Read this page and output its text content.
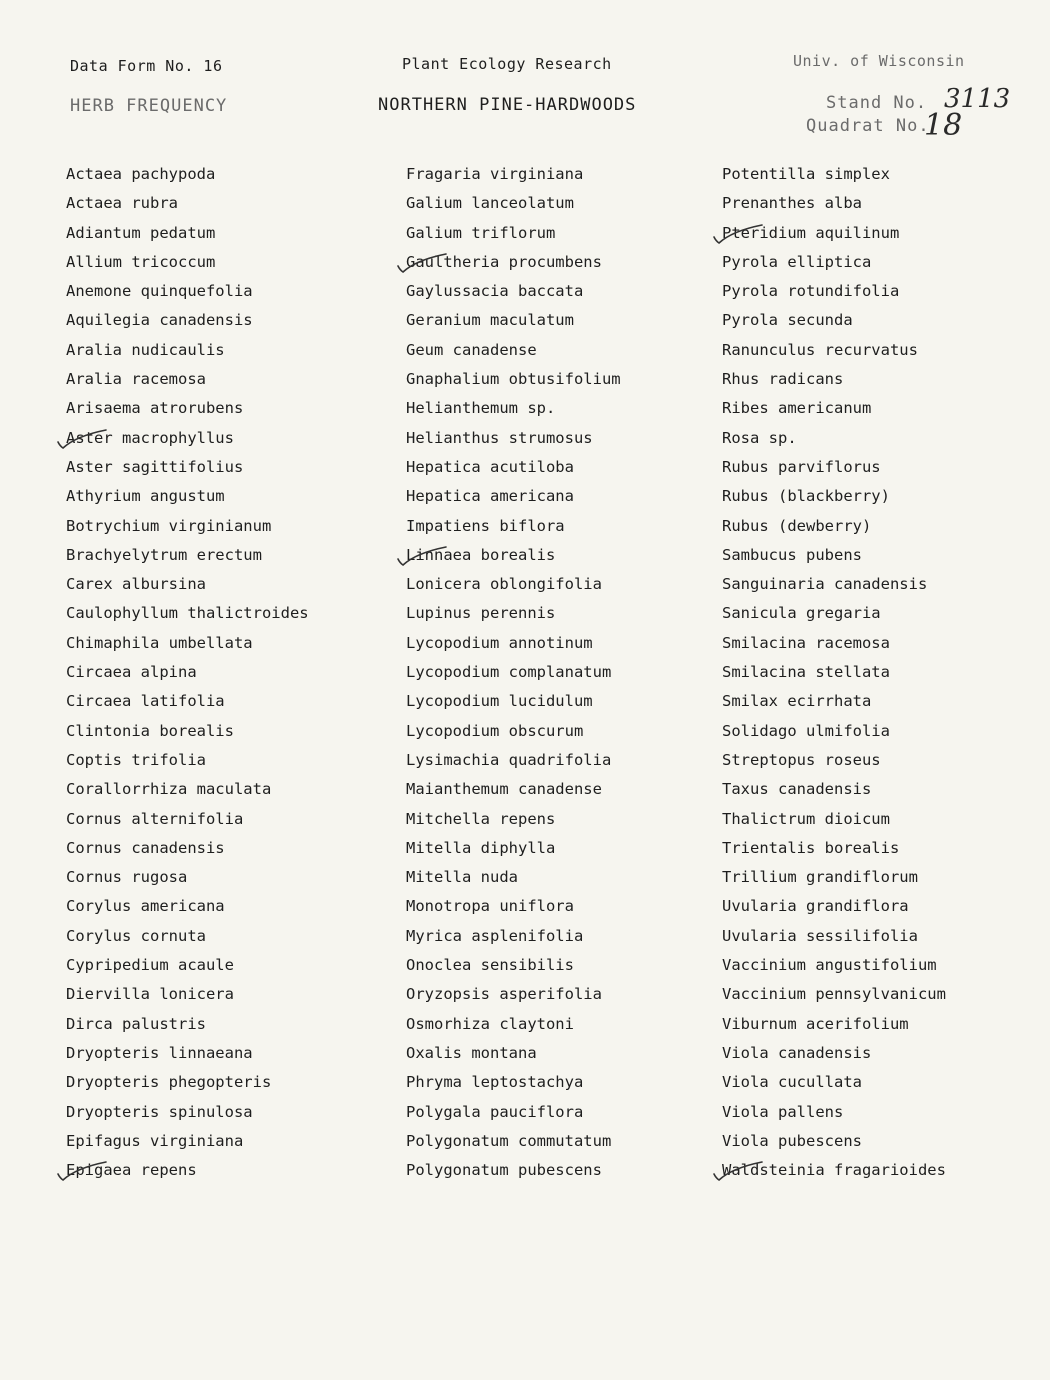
Data Form No. 16	Plant Ecology Research	Univ. of Wisconsin
HERB FREQUENCY	NORTHERN PINE-HARDWOODS	Stand No. 3113
Quadrat No.
18
Actaea pachypoda
Actaea rubra
Adiantum pedatum
Allium tricoccum
Anemone quinquefolia
Aquilegia canadensis
Aralia nudicaulis
Aralia racemosa
Arisaema atrorubens
Aster macrophyllus
Aster sagittifolius
Athyrium angustum
Botrychium virginianum
Brachyelytrum erectum
Carex albursina
Caulophyllum thalictroides
Chimaphila umbellata
Circaea alpina
Circaea latifolia
Clintonia borealis
Coptis trifolia
Corallorrhiza maculata
Cornus alternifolia
Cornus canadensis
Cornus rugosa
Corylus americana
Corylus cornuta
Cypripedium acaule
Diervilla lonicera
Dirca palustris
Dryopteris linnaeana
Dryopteris phegopteris
Dryopteris spinulosa
Epifagus virginiana
Epigaea repens
Fragaria virginiana
Galium lanceolatum
Galium triflorum
Gaultheria procumbens
Gaylussacia baccata
Geranium maculatum
Geum canadense
Gnaphalium obtusifolium
Helianthemum sp.
Helianthus strumosus
Hepatica acutiloba
Hepatica americana
Impatiens biflora
Linnaea borealis
Lonicera oblongifolia
Lupinus perennis
Lycopodium annotinum
Lycopodium complanatum
Lycopodium lucidulum
Lycopodium obscurum
Lysimachia quadrifolia
Maianthemum canadense
Mitchella repens
Mitella diphylla
Mitella nuda
Monotropa uniflora
Myrica asplenifolia
Onoclea sensibilis
Oryzopsis asperifolia
Osmorhiza claytoni
Oxalis montana
Phryma leptostachya
Polygala pauciflora
Polygonatum commutatum
Polygonatum pubescens
Potentilla simplex
Prenanthes alba
Pteridium aquilinum
Pyrola elliptica
Pyrola rotundifolia
Pyrola secunda
Ranunculus recurvatus
Rhus radicans
Ribes americanum
Rosa sp.
Rubus parviflorus
Rubus (blackberry)
Rubus (dewberry)
Sambucus pubens
Sanguinaria canadensis
Sanicula gregaria
Smilacina racemosa
Smilacina stellata
Smilax ecirrhata
Solidago ulmifolia
Streptopus roseus
Taxus canadensis
Thalictrum dioicum
Trientalis borealis
Trillium grandiflorum
Uvularia grandiflora
Uvularia sessilifolia
Vaccinium angustifolium
Vaccinium pennsylvanicum
Viburnum acerifolium
Viola canadensis
Viola cucullata
Viola pallens
Viola pubescens
Waldsteinia fragarioides
